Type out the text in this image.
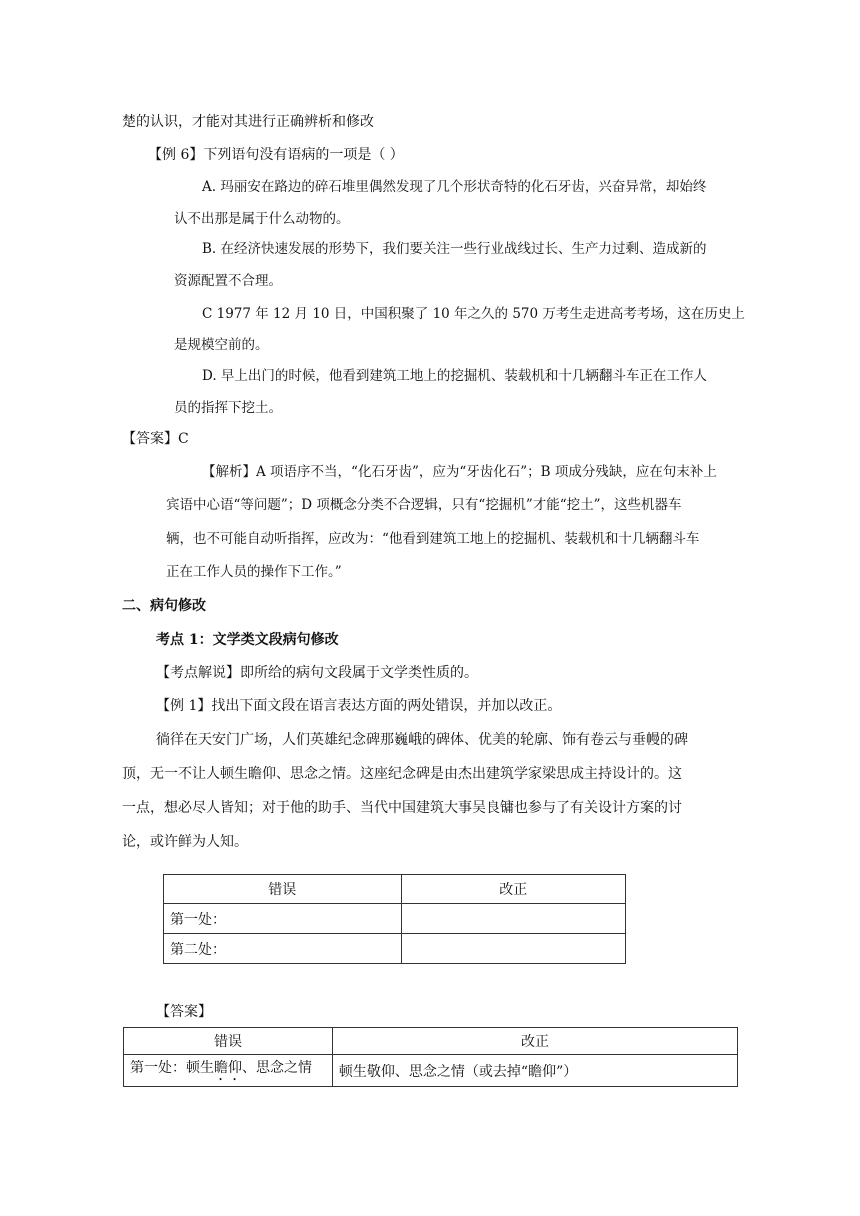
楚的认识，才能对其进行正确辨析和修改
【例 6】下列语句没有语病的一项是（ ）
A. 玛丽安在路边的碎石堆里偶然发现了几个形状奇特的化石牙齿，兴奋异常，却始终
认不出那是属于什么动物的。
B. 在经济快速发展的形势下，我们要关注一些行业战线过长、生产力过剩、造成新的
资源配置不合理。
C 1977 年 12 月 10 日，中国积聚了 10 年之久的 570 万考生走进高考考场，这在历史上
是规模空前的。
D. 早上出门的时候，他看到建筑工地上的挖掘机、装载机和十几辆翻斗车正在工作人
员的指挥下挖土。
【答案】C
【解析】A 项语序不当，“化石牙齿”，应为“牙齿化石”；B 项成分残缺，应在句末补上
宾语中心语“等问题”；D 项概念分类不合逻辑，只有“挖掘机”才能“挖土”，这些机器车
辆，也不可能自动听指挥，应改为：“他看到建筑工地上的挖掘机、装载机和十几辆翻斗车
正在工作人员的操作下工作。”
二、病句修改
考点 1：文学类文段病句修改
【考点解说】即所给的病句文段属于文学类性质的。
【例 1】找出下面文段在语言表达方面的两处错误，并加以改正。
徜徉在天安门广场，人们英雄纪念碑那巍峨的碑体、优美的轮廓、饰有卷云与垂幔的碑
顶，无一不让人顿生瞻仰、思念之情。这座纪念碑是由杰出建筑学家梁思成主持设计的。这
一点，想必尽人皆知；对于他的助手、当代中国建筑大事吴良镛也参与了有关设计方案的讨
论，或许鲜为人知。
错误	改正
第一处：	
第二处：	
【答案】
错误	改正
第一处：顿生瞻仰、思念之情	顿生敬仰、思念之情（或去掉“瞻仰”）
